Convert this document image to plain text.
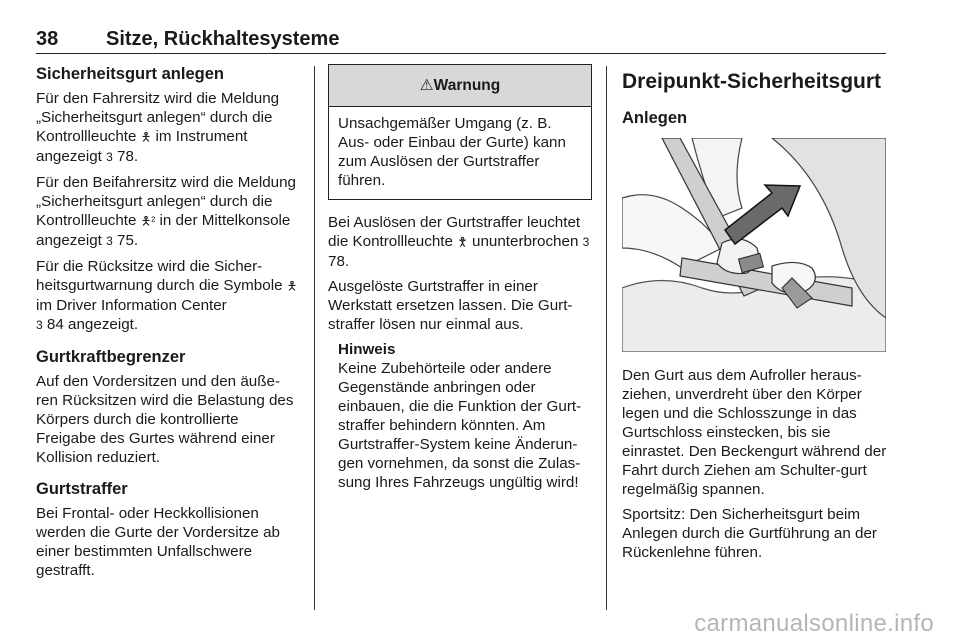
38 Sitze, Rückhaltesysteme
Sicherheitsgurt anlegen

Für den Fahrersitz wird die Meldung „Sicherheitsgurt anlegen“ durch die Kontrollleuchte 🯅 im Instrument angezeigt 3 78.

Für den Beifahrersitz wird die Meldung „Sicherheitsgurt anlegen“ durch die Kontrollleuchte 🯅² in der Mittelkonsole angezeigt 3 75.

Für die Rücksitze wird die Sicher-heitsgurtwarnung durch die Symbole 🯅 im Driver Information Center
3 84 angezeigt.

Gurtkraftbegrenzer

Auf den Vordersitzen und den äuße-ren Rücksitzen wird die Belastung des Körpers durch die kontrollierte Freigabe des Gurtes während einer Kollision reduziert.

Gurtstraffer

Bei Frontal- oder Heckkollisionen werden die Gurte der Vordersitze ab einer bestimmten Unfallschwere gestrafft.

⚠Warnung
Unsachgemäßer Umgang (z. B. Aus- oder Einbau der Gurte) kann zum Auslösen der Gurtstraffer führen.

Bei Auslösen der Gurtstraffer leuchtet die Kontrollleuchte 🯆 ununterbrochen 3 78.

Ausgelöste Gurtstraffer in einer Werkstatt ersetzen lassen. Die Gurt-straffer lösen nur einmal aus.

Hinweis
Keine Zubehörteile oder andere Gegenstände anbringen oder einbauen, die die Funktion der Gurt-straffer behindern könnten. Am Gurtstraffer-System keine Änderun-gen vornehmen, da sonst die Zulas-sung Ihres Fahrzeugs ungültig wird!
Dreipunkt-Sicherheitsgurt
Anlegen

Den Gurt aus dem Aufroller heraus-ziehen, unverdreht über den Körper legen und die Schlosszunge in das Gurtschloss einstecken, bis sie einrastet. Den Beckengurt während der Fahrt durch Ziehen am Schulter-gurt regelmäßig spannen.

Sportsitz: Den Sicherheitsgurt beim Anlegen durch die Gurtführung an der Rückenlehne führen.

carmanualsonline.info
